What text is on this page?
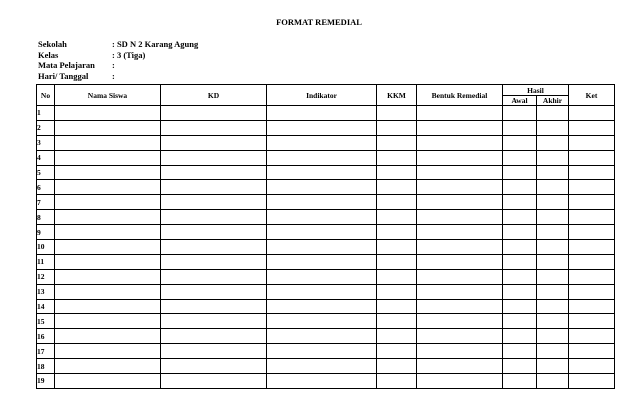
FORMAT REMEDIAL
Sekolah	: SD N 2 Karang Agung
Kelas	: 3 (Tiga)
Mata Pelajaran	:
Hari/ Tanggal	:
No	Nama Siswa	KD	Indikator	KKM	Bentuk Remedial	Hasil		Ket
						Awal	Akhir	
1								
2								
3								
4								
5								
6								
7								
8								
9								
10								
11								
12								
13								
14								
15								
16								
17								
18								
19								
